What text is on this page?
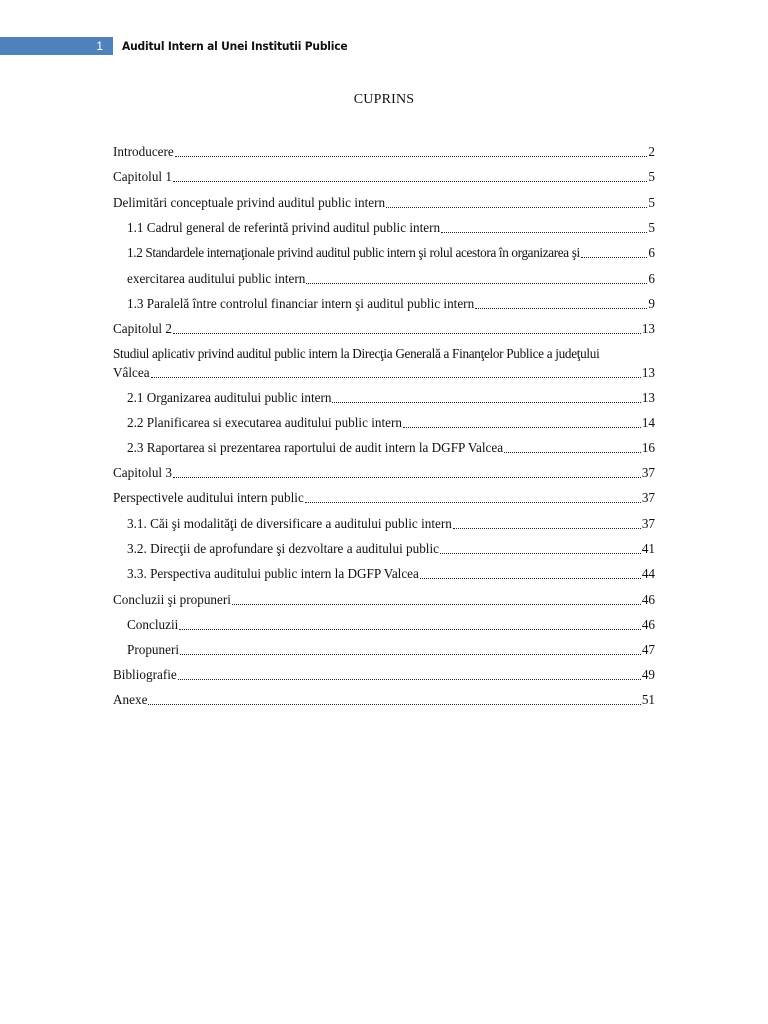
1	Auditul Intern al Unei Institutii Publice
CUPRINS
Introducere	2
Capitolul 1	5
Delimitări conceptuale privind auditul public intern	5
1.1 Cadrul general de referintă privind auditul public intern	5
1.2 Standardele internaţionale privind auditul public intern şi rolul acestora în organizarea şi	6
exercitarea auditului public intern	6
1.3 Paralelă între controlul financiar intern şi auditul public intern	9
Capitolul 2	13
Studiul aplicativ privind auditul public intern la Direcţia Generală a Finanţelor Publice a judeţului
Vâlcea	13
2.1 Organizarea auditului public intern	13
2.2 Planificarea si executarea auditului public intern	14
2.3 Raportarea si prezentarea raportului de audit intern la DGFP Valcea	16
Capitolul 3	37
Perspectivele auditului intern public	37
3.1. Căi şi modalităţi de diversificare a auditului public intern	37
3.2. Direcţii de aprofundare şi dezvoltare a auditului public	41
3.3. Perspectiva auditului public intern la DGFP Valcea	44
Concluzii şi propuneri	46
Concluzii	46
Propuneri	47
Bibliografie	49
Anexe	51
